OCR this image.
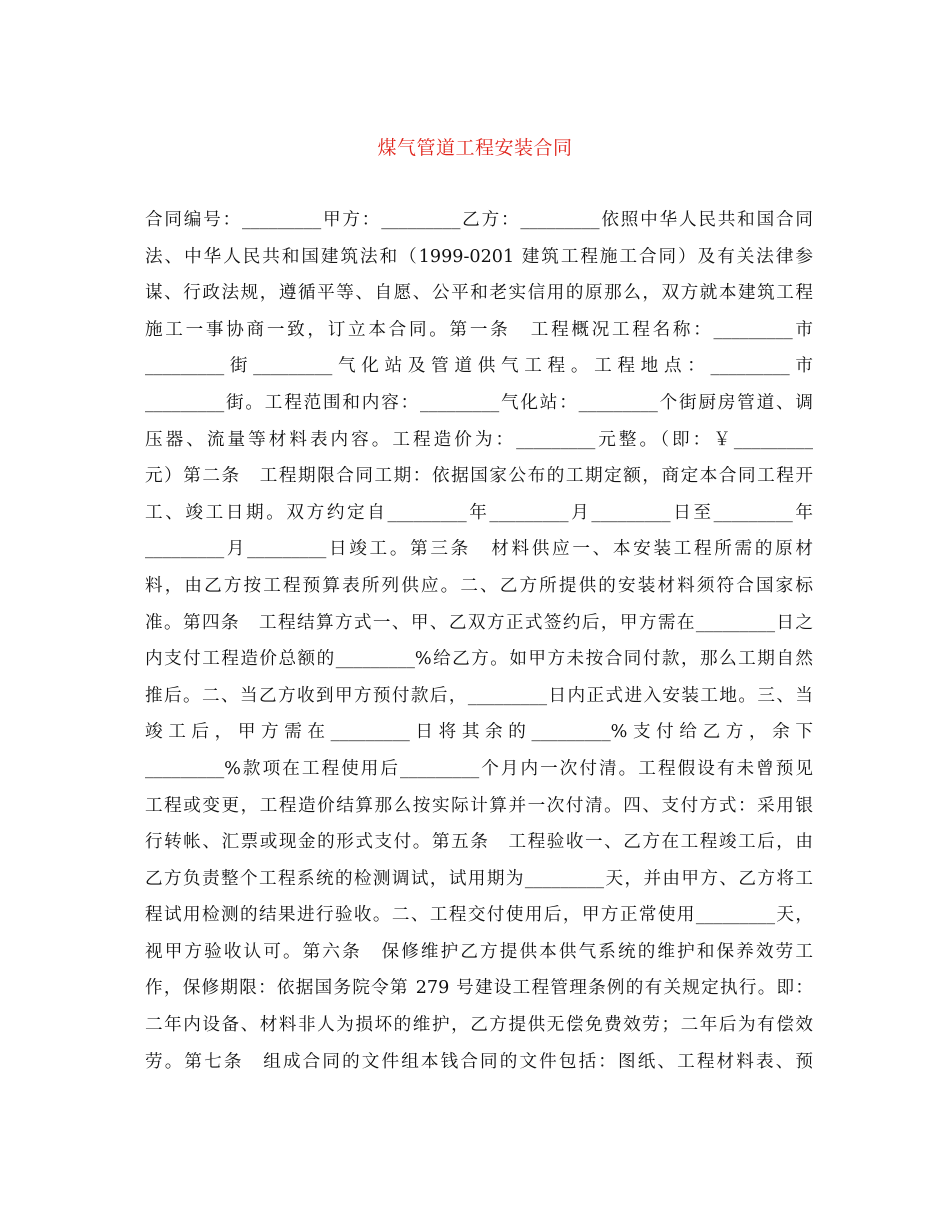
煤气管道工程安装合同
合同编号：_________甲方：_________乙方：_________依照中华人民共和国合同
法、中华人民共和国建筑法和（1999-0201 建筑工程施工合同）及有关法律参
谋、行政法规，遵循平等、自愿、公平和老实信用的原那么，双方就本建筑工程
施工一事协商一致，订立本合同。第一条　工程概况工程名称：_________市
_________街_________气化站及管道供气工程。工程地点：_________市
_________街。工程范围和内容：_________气化站：_________个街厨房管道、调
压器、流量等材料表内容。工程造价为：_________元整。（即：￥_________
元）第二条　工程期限合同工期：依据国家公布的工期定额，商定本合同工程开
工、竣工日期。双方约定自_________年_________月_________日至_________年
_________月_________日竣工。第三条　材料供应一、本安装工程所需的原材
料，由乙方按工程预算表所列供应。二、乙方所提供的安装材料须符合国家标
准。第四条　工程结算方式一、甲、乙双方正式签约后，甲方需在_________日之
内支付工程造价总额的_________%给乙方。如甲方未按合同付款，那么工期自然
推后。二、当乙方收到甲方预付款后，_________日内正式进入安装工地。三、当
竣工后，甲方需在_________日将其余的_________%支付给乙方，余下
_________%款项在工程使用后_________个月内一次付清。工程假设有未曾预见
工程或变更，工程造价结算那么按实际计算并一次付清。四、支付方式：采用银
行转帐、汇票或现金的形式支付。第五条　工程验收一、乙方在工程竣工后，由
乙方负责整个工程系统的检测调试，试用期为_________天，并由甲方、乙方将工
程试用检测的结果进行验收。二、工程交付使用后，甲方正常使用_________天，
视甲方验收认可。第六条　保修维护乙方提供本供气系统的维护和保养效劳工
作，保修期限：依据国务院令第 279 号建设工程管理条例的有关规定执行。即：
二年内设备、材料非人为损坏的维护，乙方提供无偿免费效劳；二年后为有偿效
劳。第七条　组成合同的文件组本钱合同的文件包括：图纸、工程材料表、预
